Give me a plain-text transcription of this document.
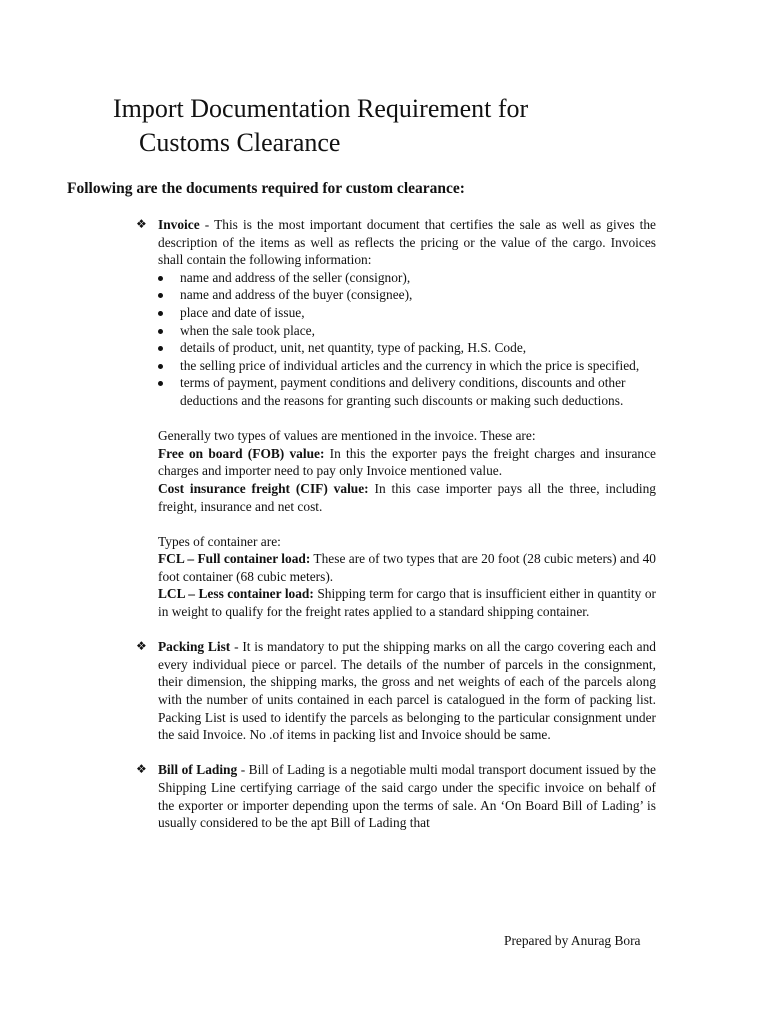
Import Documentation Requirement for
Customs Clearance

Following are the documents required for custom clearance:

❖ Invoice - This is the most important document that certifies the sale as well as gives the description of the items as well as reflects the pricing or the value of the cargo. Invoices shall contain the following information:

name and address of the seller (consignor),
name and address of the buyer (consignee),
place and date of issue,
when the sale took place,
details of product, unit, net quantity, type of packing, H.S. Code,
the selling price of individual articles and the currency in which the price is specified,
terms of payment, payment conditions and delivery conditions, discounts and other deductions and the reasons for granting such discounts or making such deductions.

Generally two types of values are mentioned in the invoice. These are:

Free on board (FOB) value: In this the exporter pays the freight charges and insurance charges and importer need to pay only Invoice mentioned value.

Cost insurance freight (CIF) value: In this case importer pays all the three, including freight, insurance and net cost.

Types of container are:

FCL – Full container load: These are of two types that are 20 foot (28 cubic meters) and 40 foot container (68 cubic meters).

LCL – Less container load: Shipping term for cargo that is insufficient either in quantity or in weight to qualify for the freight rates applied to a standard shipping container.

❖ Packing List - It is mandatory to put the shipping marks on all the cargo covering each and every individual piece or parcel. The details of the number of parcels in the consignment, their dimension, the shipping marks, the gross and net weights of each of the parcels along with the number of units contained in each parcel is catalogued in the form of packing list. Packing List is used to identify the parcels as belonging to the particular consignment under the said Invoice. No .of items in packing list and Invoice should be same.

❖ Bill of Lading - Bill of Lading is a negotiable multi modal transport document issued by the Shipping Line certifying carriage of the said cargo under the specific invoice on behalf of the exporter or importer depending upon the terms of sale. An ‘On Board Bill of Lading’ is usually considered to be the apt Bill of Lading that

Prepared by Anurag Bora
